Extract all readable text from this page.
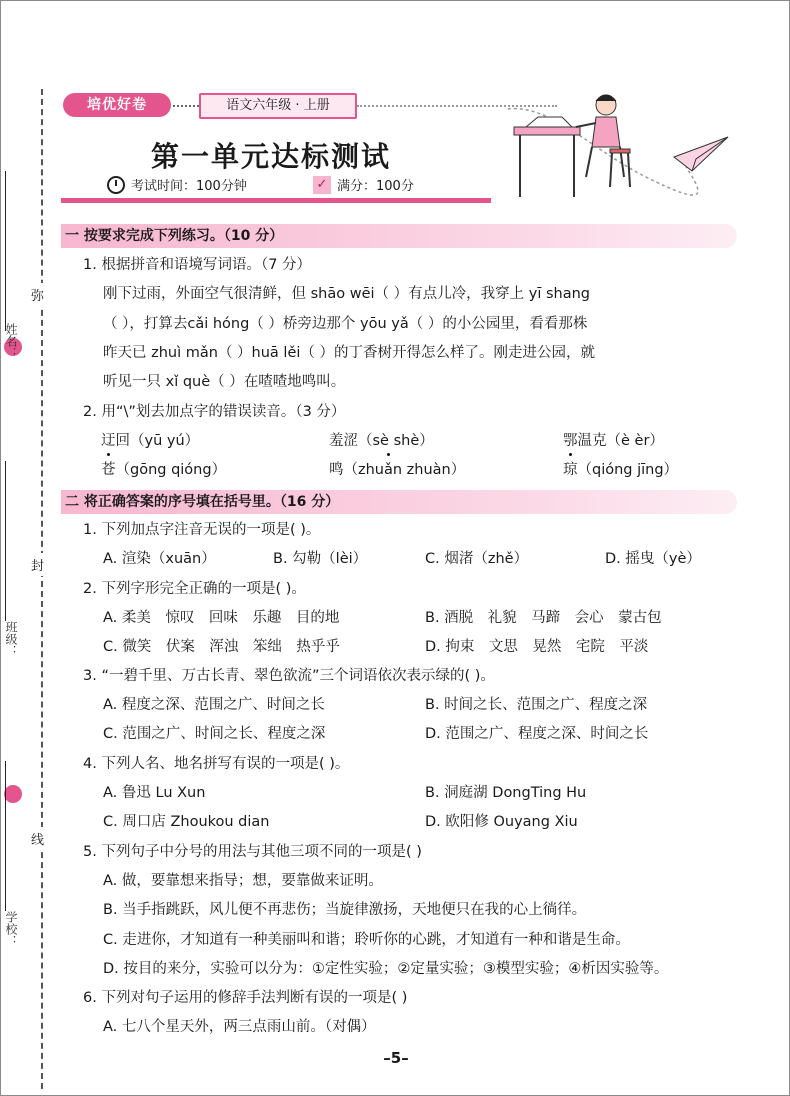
弥
封
线
姓名：
班级：
学校：
培优好卷	语文六年级 · 上册
第一单元达标测试
考试时间：100分钟	✓ 满分：100分
一 按要求完成下列练习。（10 分）
1. 根据拼音和语境写词语。（7 分）
刚下过雨，外面空气很清鲜，但 shāo wēi（ ）有点儿冷，我穿上 yī shang
（ ），打算去cǎi hóng（ ）桥旁边那个 yōu yǎ（ ）的小公园里，看看那株
昨天已 zhuì mǎn（ ）huā lěi（ ）的丁香树开得怎么样了。刚走进公园，就
听见一只 xǐ què（ ）在喳喳地鸣叫。
2. 用“\”划去加点字的错误读音。（3 分）
迂回（yū yú）	羞涩（sè shè）	鄂温克（è èr）
苍（gōng qióng）	鸣（zhuǎn zhuàn）	琼（qióng jīng）
二 将正确答案的序号填在括号里。（16 分）
1. 下列加点字注音无误的一项是( )。
A. 渲染（xuān）	B. 勾勒（lèi）	C. 烟渚（zhě）	D. 摇曳（yè）
2. 下列字形完全正确的一项是( )。
A. 柔美　惊叹　回味　乐趣　目的地	B. 酒脱　礼貌　马蹄　会心　蒙古包
C. 微笑　伏案　浑浊　笨绌　热乎乎	D. 拘束　文思　晃然　宅院　平淡
3. “一碧千里、万古长青、翠色欲流”三个词语依次表示绿的( )。
A. 程度之深、范围之广、时间之长	B. 时间之长、范围之广、程度之深
C. 范围之广、时间之长、程度之深	D. 范围之广、程度之深、时间之长
4. 下列人名、地名拼写有误的一项是( )。
A. 鲁迅 Lu Xun	B. 洞庭湖 DongTing Hu
C. 周口店 Zhoukou dian	D. 欧阳修 Ouyang Xiu
5. 下列句子中分号的用法与其他三项不同的一项是( )
A. 做，要靠想来指导；想，要靠做来证明。
B. 当手指跳跃，风儿便不再悲伤；当旋律激扬，天地便只在我的心上徜徉。
C. 走进你，才知道有一种美丽叫和谐；聆听你的心跳，才知道有一种和谐是生命。
D. 按目的来分，实验可以分为：①定性实验；②定量实验；③模型实验；④析因实验等。
6. 下列对句子运用的修辞手法判断有误的一项是( )
A. 七八个星天外，两三点雨山前。（对偶）
–5–
